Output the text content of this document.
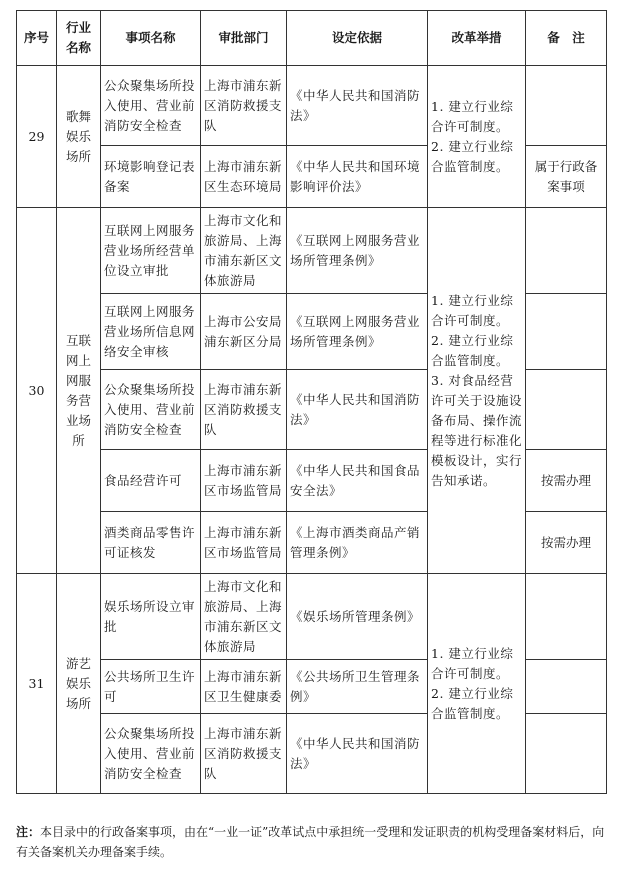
序号	行业名称	事项名称	审批部门	设定依据	改革举措	备　注
29	歌舞娱乐场所	公众聚集场所投入使用、营业前消防安全检查	上海市浦东新区消防救援支队	《中华人民共和国消防法》	1. 建立行业综合许可制度。
2. 建立行业综合监管制度。	
		环境影响登记表备案	上海市浦东新区生态环境局	《中华人民共和国环境影响评价法》		属于行政备案事项
30	互联网上网服务营业场所	互联网上网服务营业场所经营单位设立审批	上海市文化和旅游局、上海市浦东新区文体旅游局	《互联网上网服务营业场所管理条例》	1. 建立行业综合许可制度。
2. 建立行业综合监管制度。
3. 对食品经营许可关于设施设备布局、操作流程等进行标准化模板设计，实行告知承诺。	
		互联网上网服务营业场所信息网络安全审核	上海市公安局浦东新区分局	《互联网上网服务营业场所管理条例》		
		公众聚集场所投入使用、营业前消防安全检查	上海市浦东新区消防救援支队	《中华人民共和国消防法》		
		食品经营许可	上海市浦东新区市场监管局	《中华人民共和国食品安全法》		按需办理
		酒类商品零售许可证核发	上海市浦东新区市场监管局	《上海市酒类商品产销管理条例》		按需办理
31	游艺娱乐场所	娱乐场所设立审批	上海市文化和旅游局、上海市浦东新区文体旅游局	《娱乐场所管理条例》	1. 建立行业综合许可制度。
2. 建立行业综合监管制度。	
		公共场所卫生许可	上海市浦东新区卫生健康委	《公共场所卫生管理条例》		
		公众聚集场所投入使用、营业前消防安全检查	上海市浦东新区消防救援支队	《中华人民共和国消防法》		
注：本目录中的行政备案事项，由在“一业一证”改革试点中承担统一受理和发证职责的机构受理备案材料后，向有关备案机关办理备案手续。
